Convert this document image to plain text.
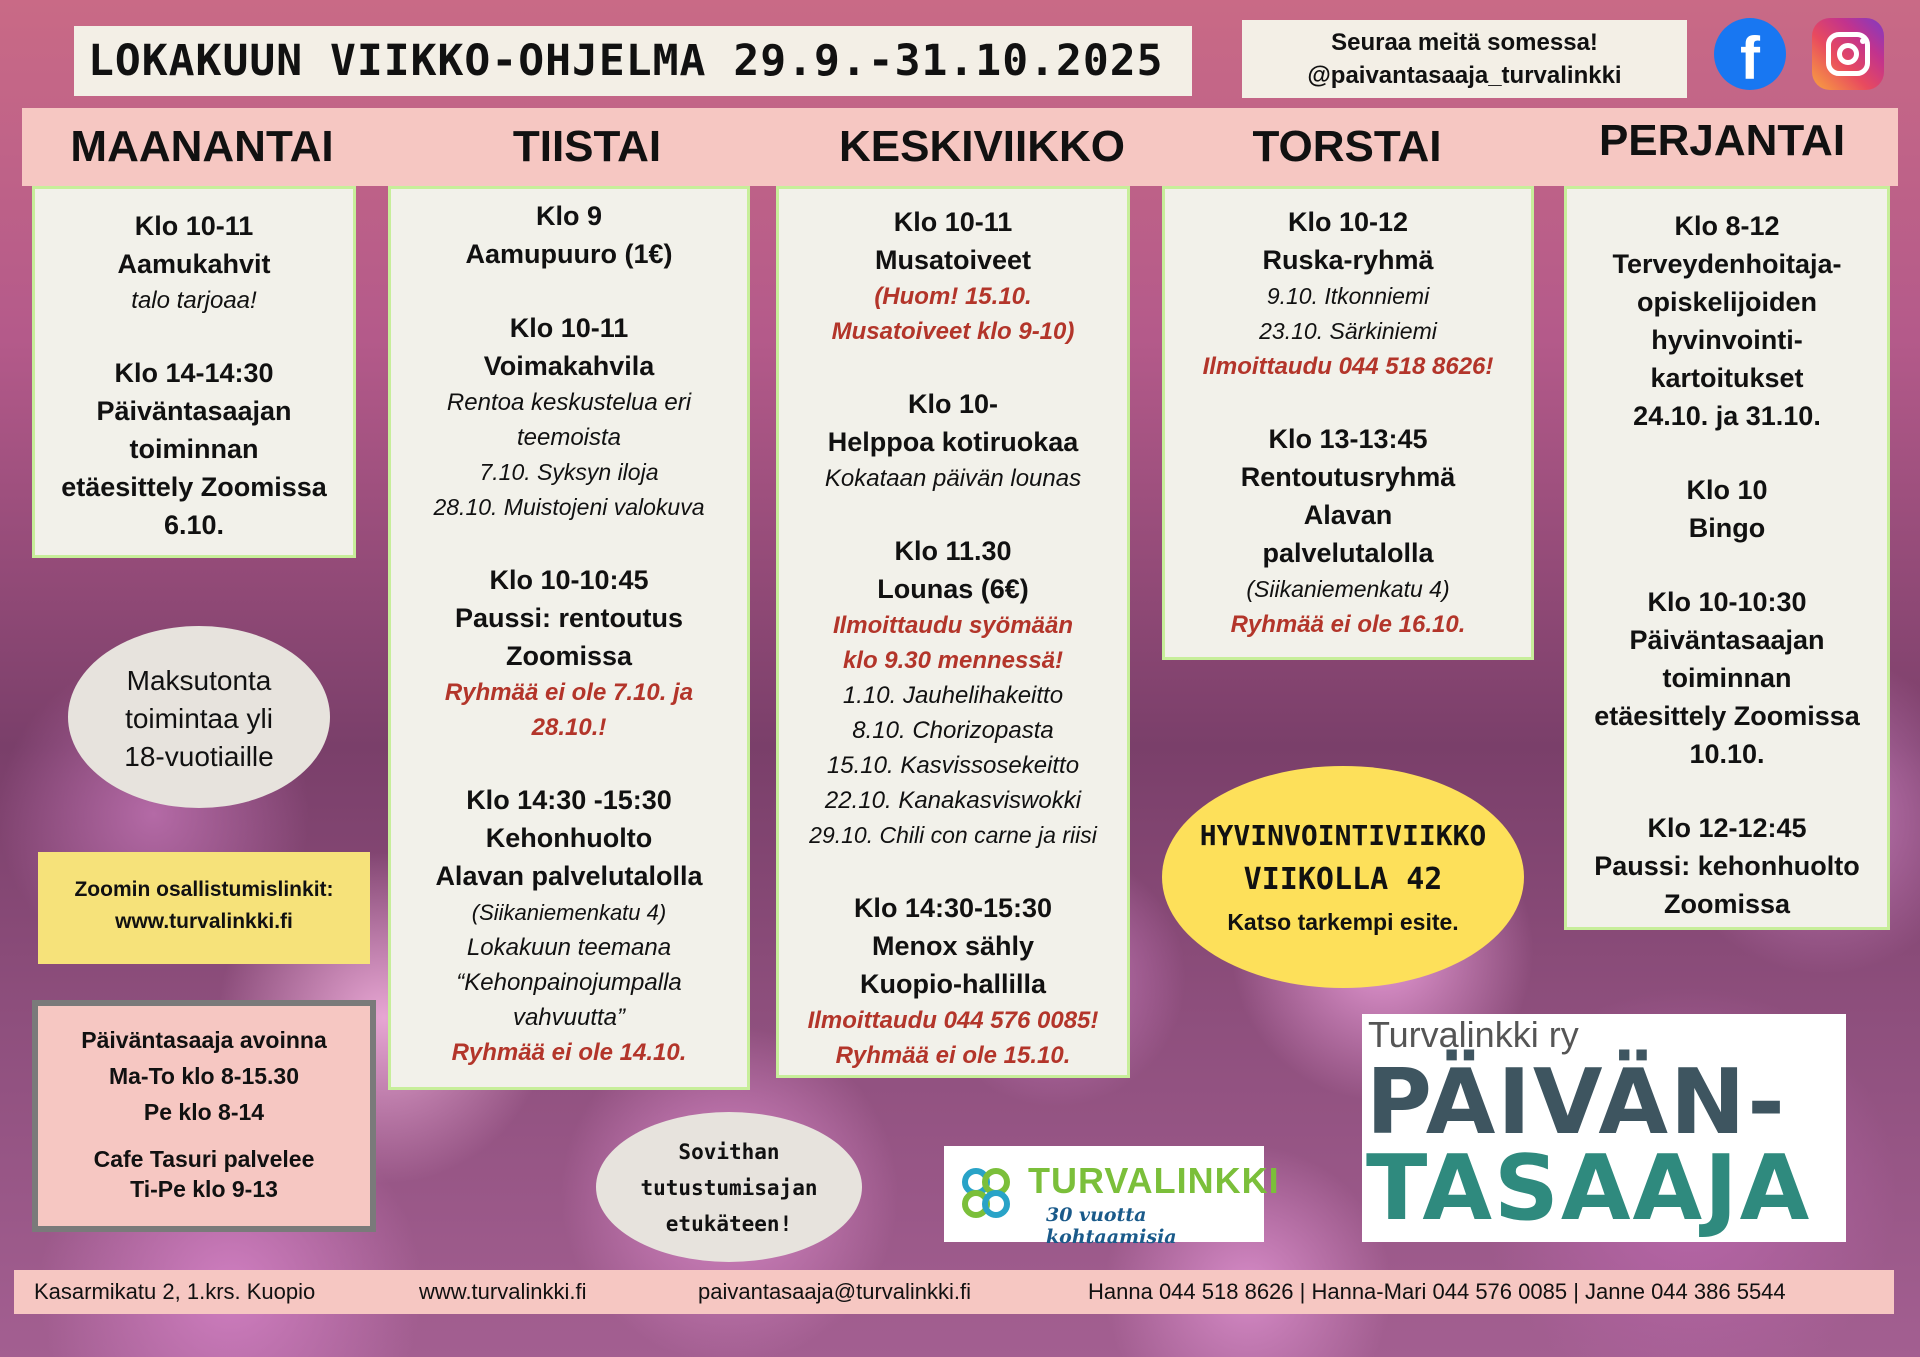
LOKAKUUN VIIKKO-OHJELMA 29.9.-31.10.2025	Seuraa meitä somessa!
@paivantasaaja_turvalinkki	f
MAANANTAI	TIISTAI	KESKIVIIKKO	TORSTAI	PERJANTAI
Klo 10-11
Aamukahvit
talo tarjoaa!
Klo 14-14:30
Päiväntasaajan
toiminnan
etäesittely Zoomissa
6.10.
Klo 9
Aamupuuro (1€)
Klo 10-11
Voimakahvila
Rentoa keskustelua eri
teemoista
7.10. Syksyn iloja
28.10. Muistojeni valokuva
Klo 10-10:45
Paussi: rentoutus
Zoomissa
Ryhmää ei ole 7.10. ja
28.10.!
Klo 14:30 -15:30
Kehonhuolto
Alavan palvelutalolla
(Siikaniemenkatu 4)
Lokakuun teemana
“Kehonpainojumpalla
vahvuutta”
Ryhmää ei ole 14.10.
Klo 10-11
Musatoiveet
(Huom! 15.10.
Musatoiveet klo 9-10)
Klo 10-
Helppoa kotiruokaa
Kokataan päivän lounas
Klo 11.30
Lounas (6€)
Ilmoittaudu syömään
klo 9.30 mennessä!
1.10. Jauhelihakeitto
8.10. Chorizopasta
15.10. Kasvissosekeitto
22.10. Kanakasviswokki
29.10. Chili con carne ja riisi
Klo 14:30-15:30
Menox sähly
Kuopio-hallilla
Ilmoittaudu 044 576 0085!
Ryhmää ei ole 15.10.
Klo 10-12
Ruska-ryhmä
9.10. Itkonniemi
23.10. Särkiniemi
Ilmoittaudu 044 518 8626!
Klo 13-13:45
Rentoutusryhmä
Alavan
palvelutalolla
(Siikaniemenkatu 4)
Ryhmää ei ole 16.10.
Klo 8-12
Terveydenhoitaja-
opiskelijoiden
hyvinvointi-
kartoitukset
24.10. ja 31.10.
Klo 10
Bingo
Klo 10-10:30
Päiväntasaajan
toiminnan
etäesittely Zoomissa
10.10.
Klo 12-12:45
Paussi: kehonhuolto
Zoomissa
Maksutonta
toimintaa yli
18-vuotiaille
Zoomin osallistumislinkit:
www.turvalinkki.fi
Päiväntasaaja avoinna
Ma-To klo 8-15.30
Pe klo 8-14
Cafe Tasuri palvelee
Ti-Pe klo 9-13
Sovithan
tutustumisajan
etukäteen!
HYVINVOINTIVIIKKO
VIIKOLLA 42
Katso tarkempi esite.
TURVALINKKI
30 vuotta kohtaamisia
Turvalinkki ry
PÄIVÄN-
TASAAJA
Kasarmikatu 2, 1.krs. Kuopio	www.turvalinkki.fi	paivantasaaja@turvalinkki.fi	Hanna 044 518 8626 | Hanna-Mari 044 576 0085 | Janne 044 386 5544
